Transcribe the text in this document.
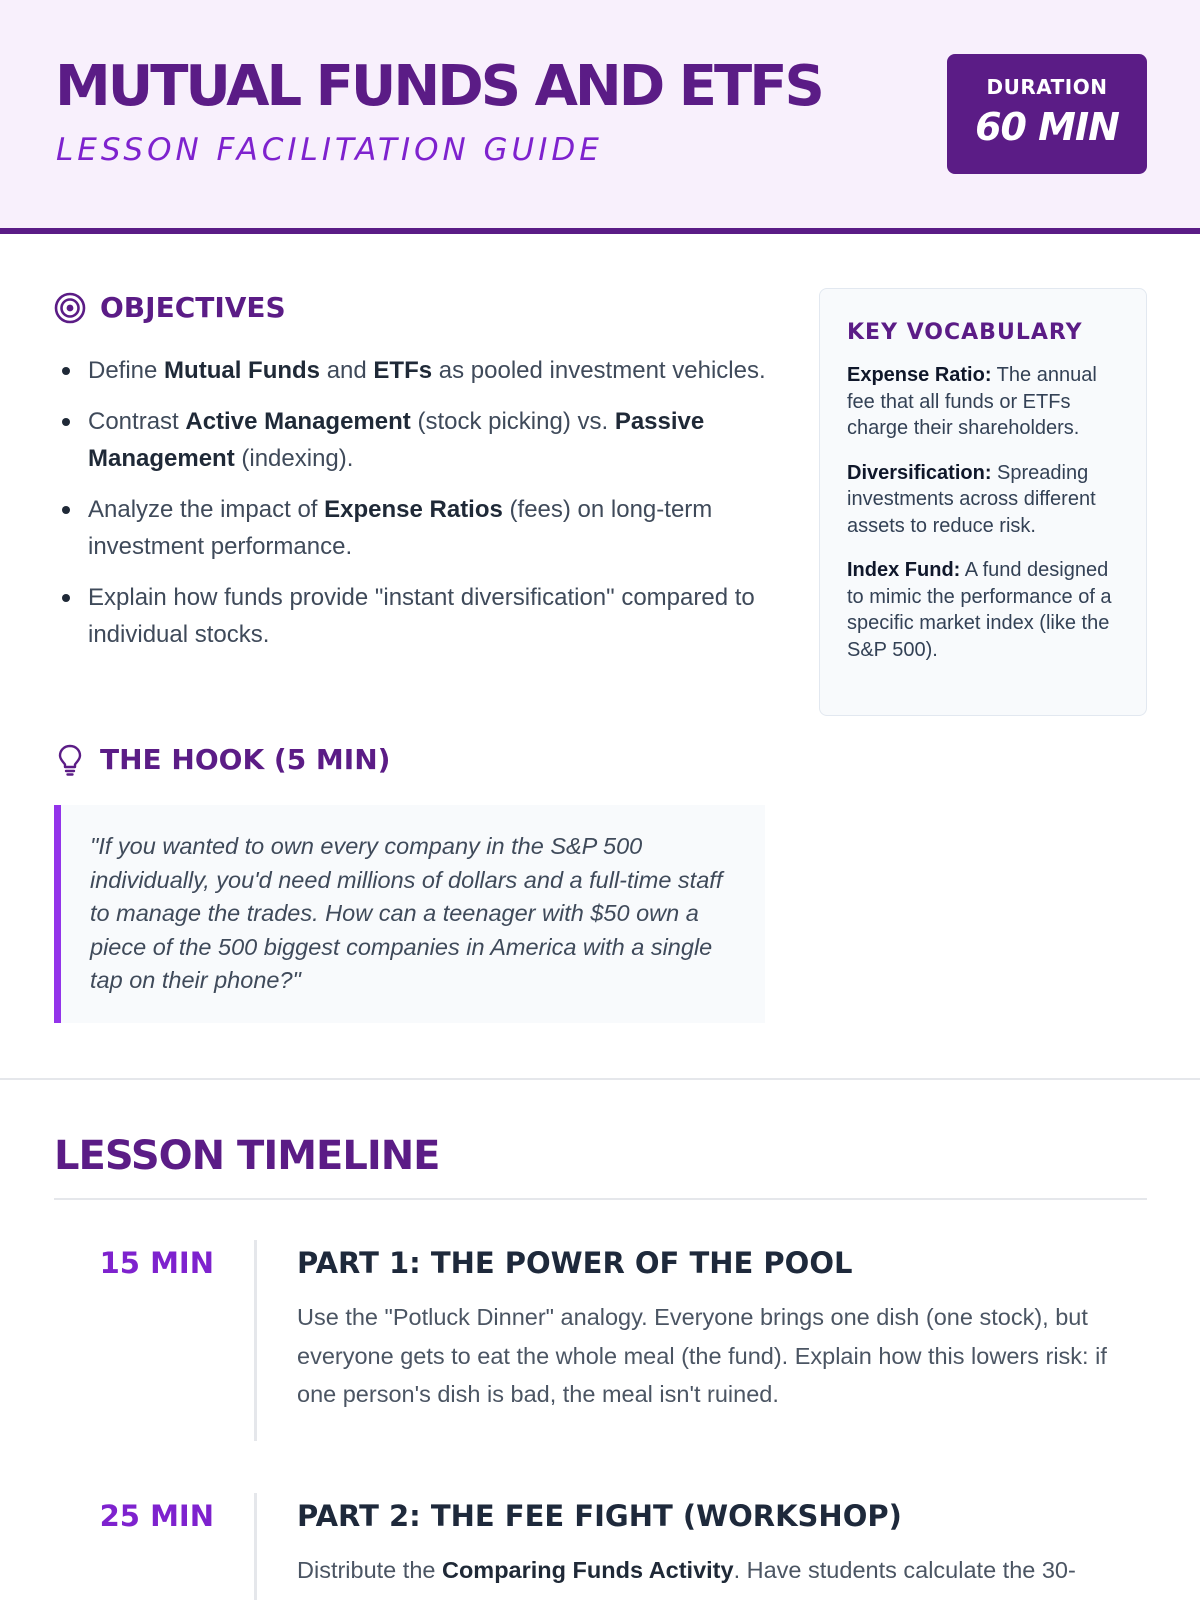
MUTUAL FUNDS AND ETFS
LESSON FACILITATION GUIDE
DURATION
60 MIN
OBJECTIVES
Define Mutual Funds and ETFs as pooled investment vehicles.
Contrast Active Management (stock picking) vs. Passive Management (indexing).
Analyze the impact of Expense Ratios (fees) on long-term investment performance.
Explain how funds provide "instant diversification" compared to individual stocks.
KEY VOCABULARY

Expense Ratio: The annual fee that all funds or ETFs charge their shareholders.

Diversification: Spreading investments across different assets to reduce risk.

Index Fund: A fund designed to mimic the performance of a specific market index (like the S&P 500).

THE HOOK (5 MIN)

"If you wanted to own every company in the S&P 500 individually, you'd need millions of dollars and a full-time staff to manage the trades. How can a teenager with $50 own a piece of the 500 biggest companies in America with a single tap on their phone?"

LESSON TIMELINE
15 MIN	PART 1: THE POWER OF THE POOL

Use the "Potluck Dinner" analogy. Everyone brings one dish (one stock), but everyone gets to eat the whole meal (the fund). Explain how this lowers risk: if one person's dish is bad, the meal isn't ruined.

25 MIN	PART 2: THE FEE FIGHT (WORKSHOP)

Distribute the Comparing Funds Activity. Have students calculate the 30-
